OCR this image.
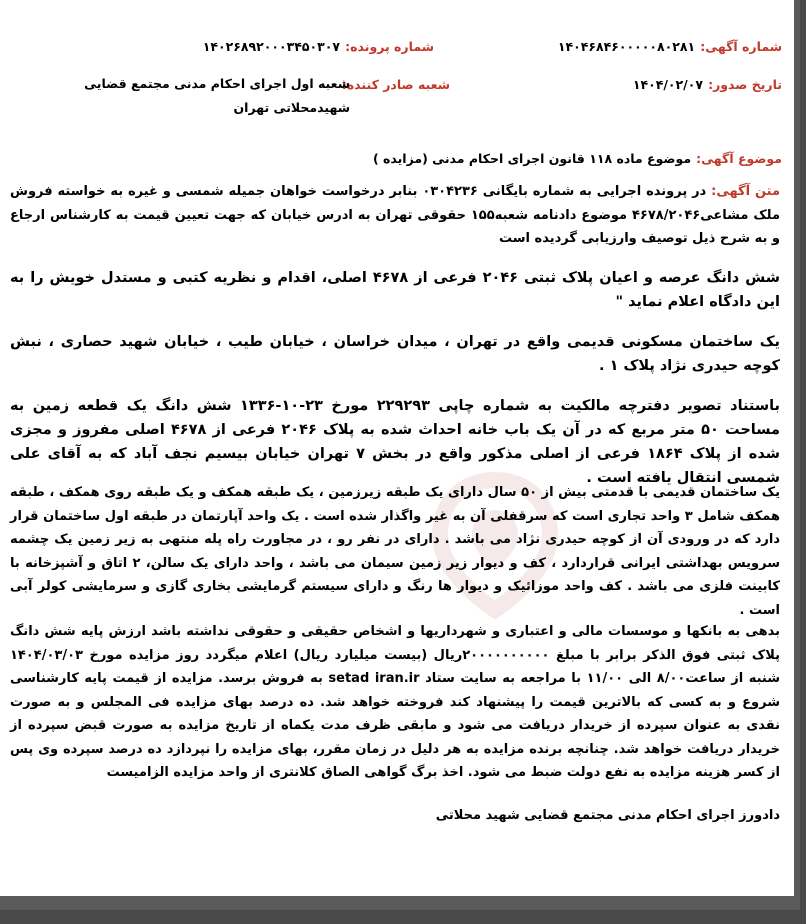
شماره آگهی: ۱۴۰۴۶۸۴۶۰۰۰۰۰۸۰۲۸۱
شماره پرونده: ۱۴۰۲۶۸۹۲۰۰۰۳۴۵۰۳۰۷
تاریخ صدور: ۱۴۰۴/۰۲/۰۷
شعبه صادر کننده:
شعبه اول اجرای احکام مدنی مجتمع قضایی شهیدمحلاتی تهران
موضوع آگهی: موضوع ماده ۱۱۸ قانون اجرای احکام مدنی (مزایده )
متن آگهی: در پرونده اجرایی به شماره بایگانی ۰۳۰۴۲۳۶ بنابر درخواست خواهان جمیله شمسی و غیره به خواسته فروش ملک مشاعی۴۶۷۸/۲۰۴۶ موضوع دادنامه شعبه۱۵۵ حقوقی تهران به ادرس خیابان که جهت تعیین قیمت به کارشناس ارجاع و به شرح ذیل توصیف وارزیابی گردیده است
شش دانگ عرصه و اعیان پلاک ثبتی ۲۰۴۶ فرعی از ۴۶۷۸ اصلی، اقدام و نظریه کتبی و مستدل خویش را به این دادگاه اعلام نماید "
یک ساختمان مسکونی قدیمی واقع در تهران ، میدان خراسان ، خیابان طیب ، خیابان شهید حصاری ، نبش کوچه حیدری نژاد پلاک ۱ .
باستناد تصویر دفترچه مالکیت به شماره چاپی ۲۲۹۲۹۳ مورخ ۲۳-۱۰-۱۳۳۶ شش دانگ یک قطعه زمین به مساحت ۵۰ متر مربع که در آن یک باب خانه احداث شده به پلاک ۲۰۴۶ فرعی از ۴۶۷۸ اصلی مفروز و مجزی شده از پلاک ۱۸۶۴ فرعی از اصلی مذکور واقع در بخش ۷ تهران خیابان بیسیم نجف آباد که به آقای علی شمسی انتقال یافته است .
یک ساختمان قدیمی با قدمتی بیش از ۵۰ سال دارای یک طبقه زیرزمین ، یک طبقه همکف و یک طبقه روی همکف ، طبقه همکف شامل ۳ واحد تجاری است که سرقفلی آن به غیر واگذار شده است . یک واحد آپارتمان در طبقه اول ساختمان قرار دارد که در ورودی آن از کوچه حیدری نژاد می باشد . دارای در نفر رو ، در مجاورت راه پله منتهی به زیر زمین یک چشمه سرویس بهداشتی ایرانی قراردارد ، کف و دیوار زیر زمین سیمان می باشد ، واحد دارای یک سالن، ۲ اتاق و آشپزخانه با کابینت فلزی می باشد . کف واحد موزائیک و دیوار ها رنگ و دارای سیستم گرمایشی بخاری گازی و سرمایشی کولر آبی است .
بدهی به بانکها و موسسات مالی و اعتباری و شهرداریها و اشخاص حقیقی و حقوقی نداشته باشد ارزش پایه شش دانگ پلاک ثبتی فوق الذکر برابر با مبلغ ۲۰۰۰۰۰۰۰۰۰۰ریال (بیست میلیارد ریال) اعلام میگردد روز مزایده مورخ ۱۴۰۴/۰۳/۰۳ شنبه از ساعت۸/۰۰ الی ۱۱/۰۰ با مراجعه به سایت ستاد setad iran.ir به فروش برسد. مزایده از قیمت پایه کارشناسی شروع و به کسی که بالاترین قیمت را پیشنهاد کند فروخته خواهد شد. ده درصد بهای مزایده فی المجلس و به صورت نقدی به عنوان سپرده از خریدار دریافت می شود و مابقی ظرف مدت یکماه از تاریخ مزایده به صورت قبض سپرده از خریدار دریافت خواهد شد. چنانچه برنده مزایده به هر دلیل در زمان مقرر، بهای مزایده را نپردازد ده درصد سپرده وی پس از کسر هزینه مزایده به نفع دولت ضبط می شود. اخذ برگ گواهی الصاق کلانتری از واحد مزایده الزامیست
دادورز اجرای احکام مدنی مجتمع قضایی شهید محلاتی
